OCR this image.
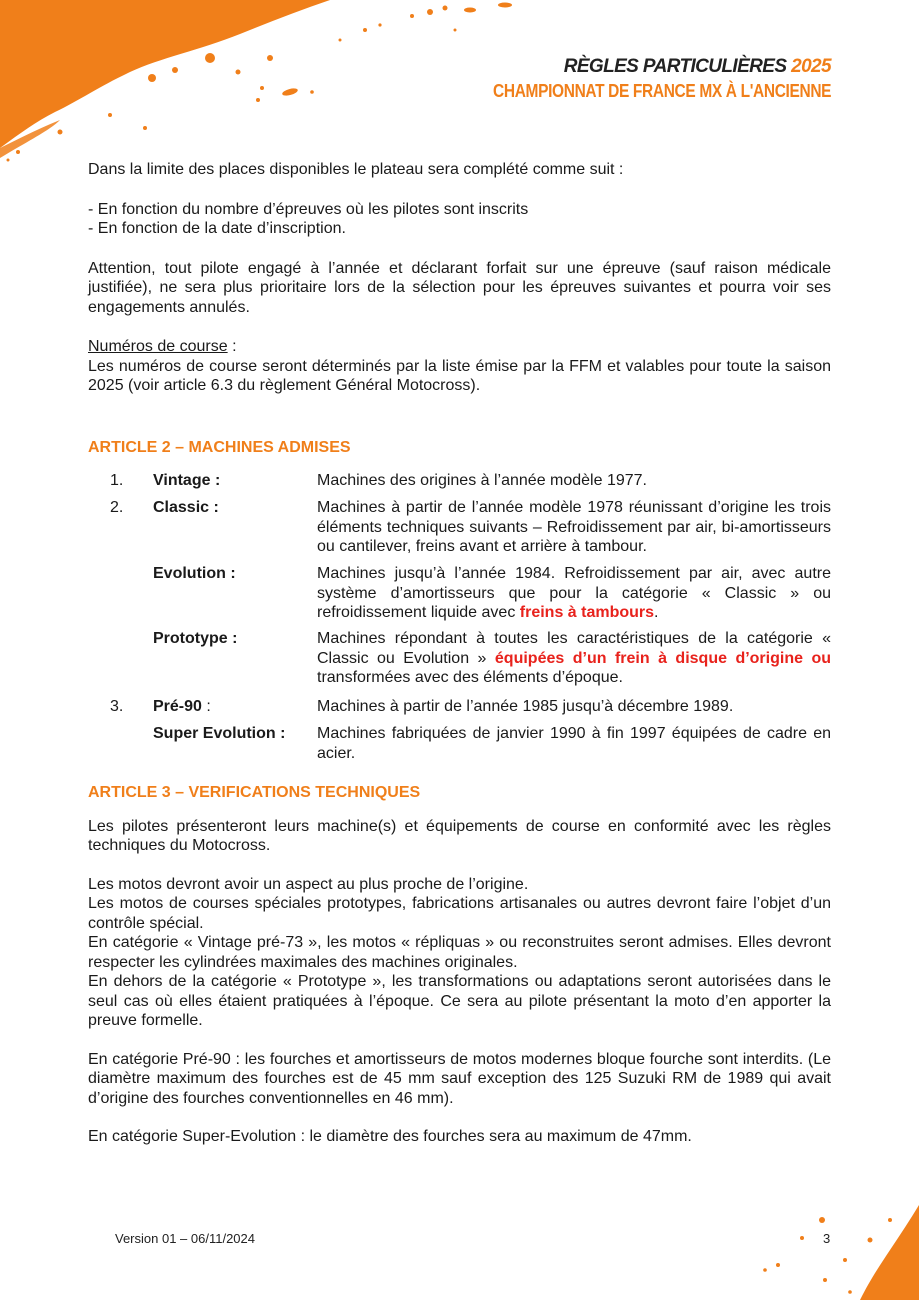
RÈGLES PARTICULIÈRES 2025
CHAMPIONNAT DE FRANCE MX À L'ANCIENNE

Dans la limite des places disponibles le plateau sera complété comme suit :

- En fonction du nombre d’épreuves où les pilotes sont inscrits

- En fonction de la date d’inscription.

Attention, tout pilote engagé à l’année et déclarant forfait sur une épreuve (sauf raison médicale justifiée), ne sera plus prioritaire lors de la sélection pour les épreuves suivantes et pourra voir ses engagements annulés.

Numéros de course :

Les numéros de course seront déterminés par la liste émise par la FFM et valables pour toute la saison 2025 (voir article 6.3 du règlement Général Motocross).

ARTICLE 2 – MACHINES ADMISES

1. Vintage :	Machines des origines à l’année modèle 1977.
2. Classic :	Machines à partir de l’année modèle 1978 réunissant d’origine les trois éléments techniques suivants – Refroidissement par air, bi-amortisseurs ou cantilever, freins avant et arrière à tambour.
Evolution :	Machines jusqu’à l’année 1984. Refroidissement par air, avec autre système d’amortisseurs que pour la catégorie « Classic » ou refroidissement liquide avec freins à tambours.
Prototype :	Machines répondant à toutes les caractéristiques de la catégorie « Classic ou Evolution » équipées d’un frein à disque d’origine ou transformées avec des éléments d’époque.
3. Pré-90 :	Machines à partir de l’année 1985 jusqu’à décembre 1989.
Super Evolution : Machines fabriquées de janvier 1990 à fin 1997 équipées de cadre en acier.

ARTICLE 3 – VERIFICATIONS TECHNIQUES

Les pilotes présenteront leurs machine(s) et équipements de course en conformité avec les règles techniques du Motocross.

Les motos devront avoir un aspect au plus proche de l’origine.

Les motos de courses spéciales prototypes, fabrications artisanales ou autres devront faire l’objet d’un contrôle spécial.

En catégorie « Vintage pré-73 », les motos « répliquas » ou reconstruites seront admises. Elles devront respecter les cylindrées maximales des machines originales.

En dehors de la catégorie « Prototype », les transformations ou adaptations seront autorisées dans le seul cas où elles étaient pratiquées à l’époque. Ce sera au pilote présentant la moto d’en apporter la preuve formelle.

En catégorie Pré-90 : les fourches et amortisseurs de motos modernes bloque fourche sont interdits. (Le diamètre maximum des fourches est de 45 mm sauf exception des 125 Suzuki RM de 1989 qui avait d’origine des fourches conventionnelles en 46 mm).

En catégorie Super-Evolution : le diamètre des fourches sera au maximum de 47mm.

Version 01 – 06/11/2024	3
